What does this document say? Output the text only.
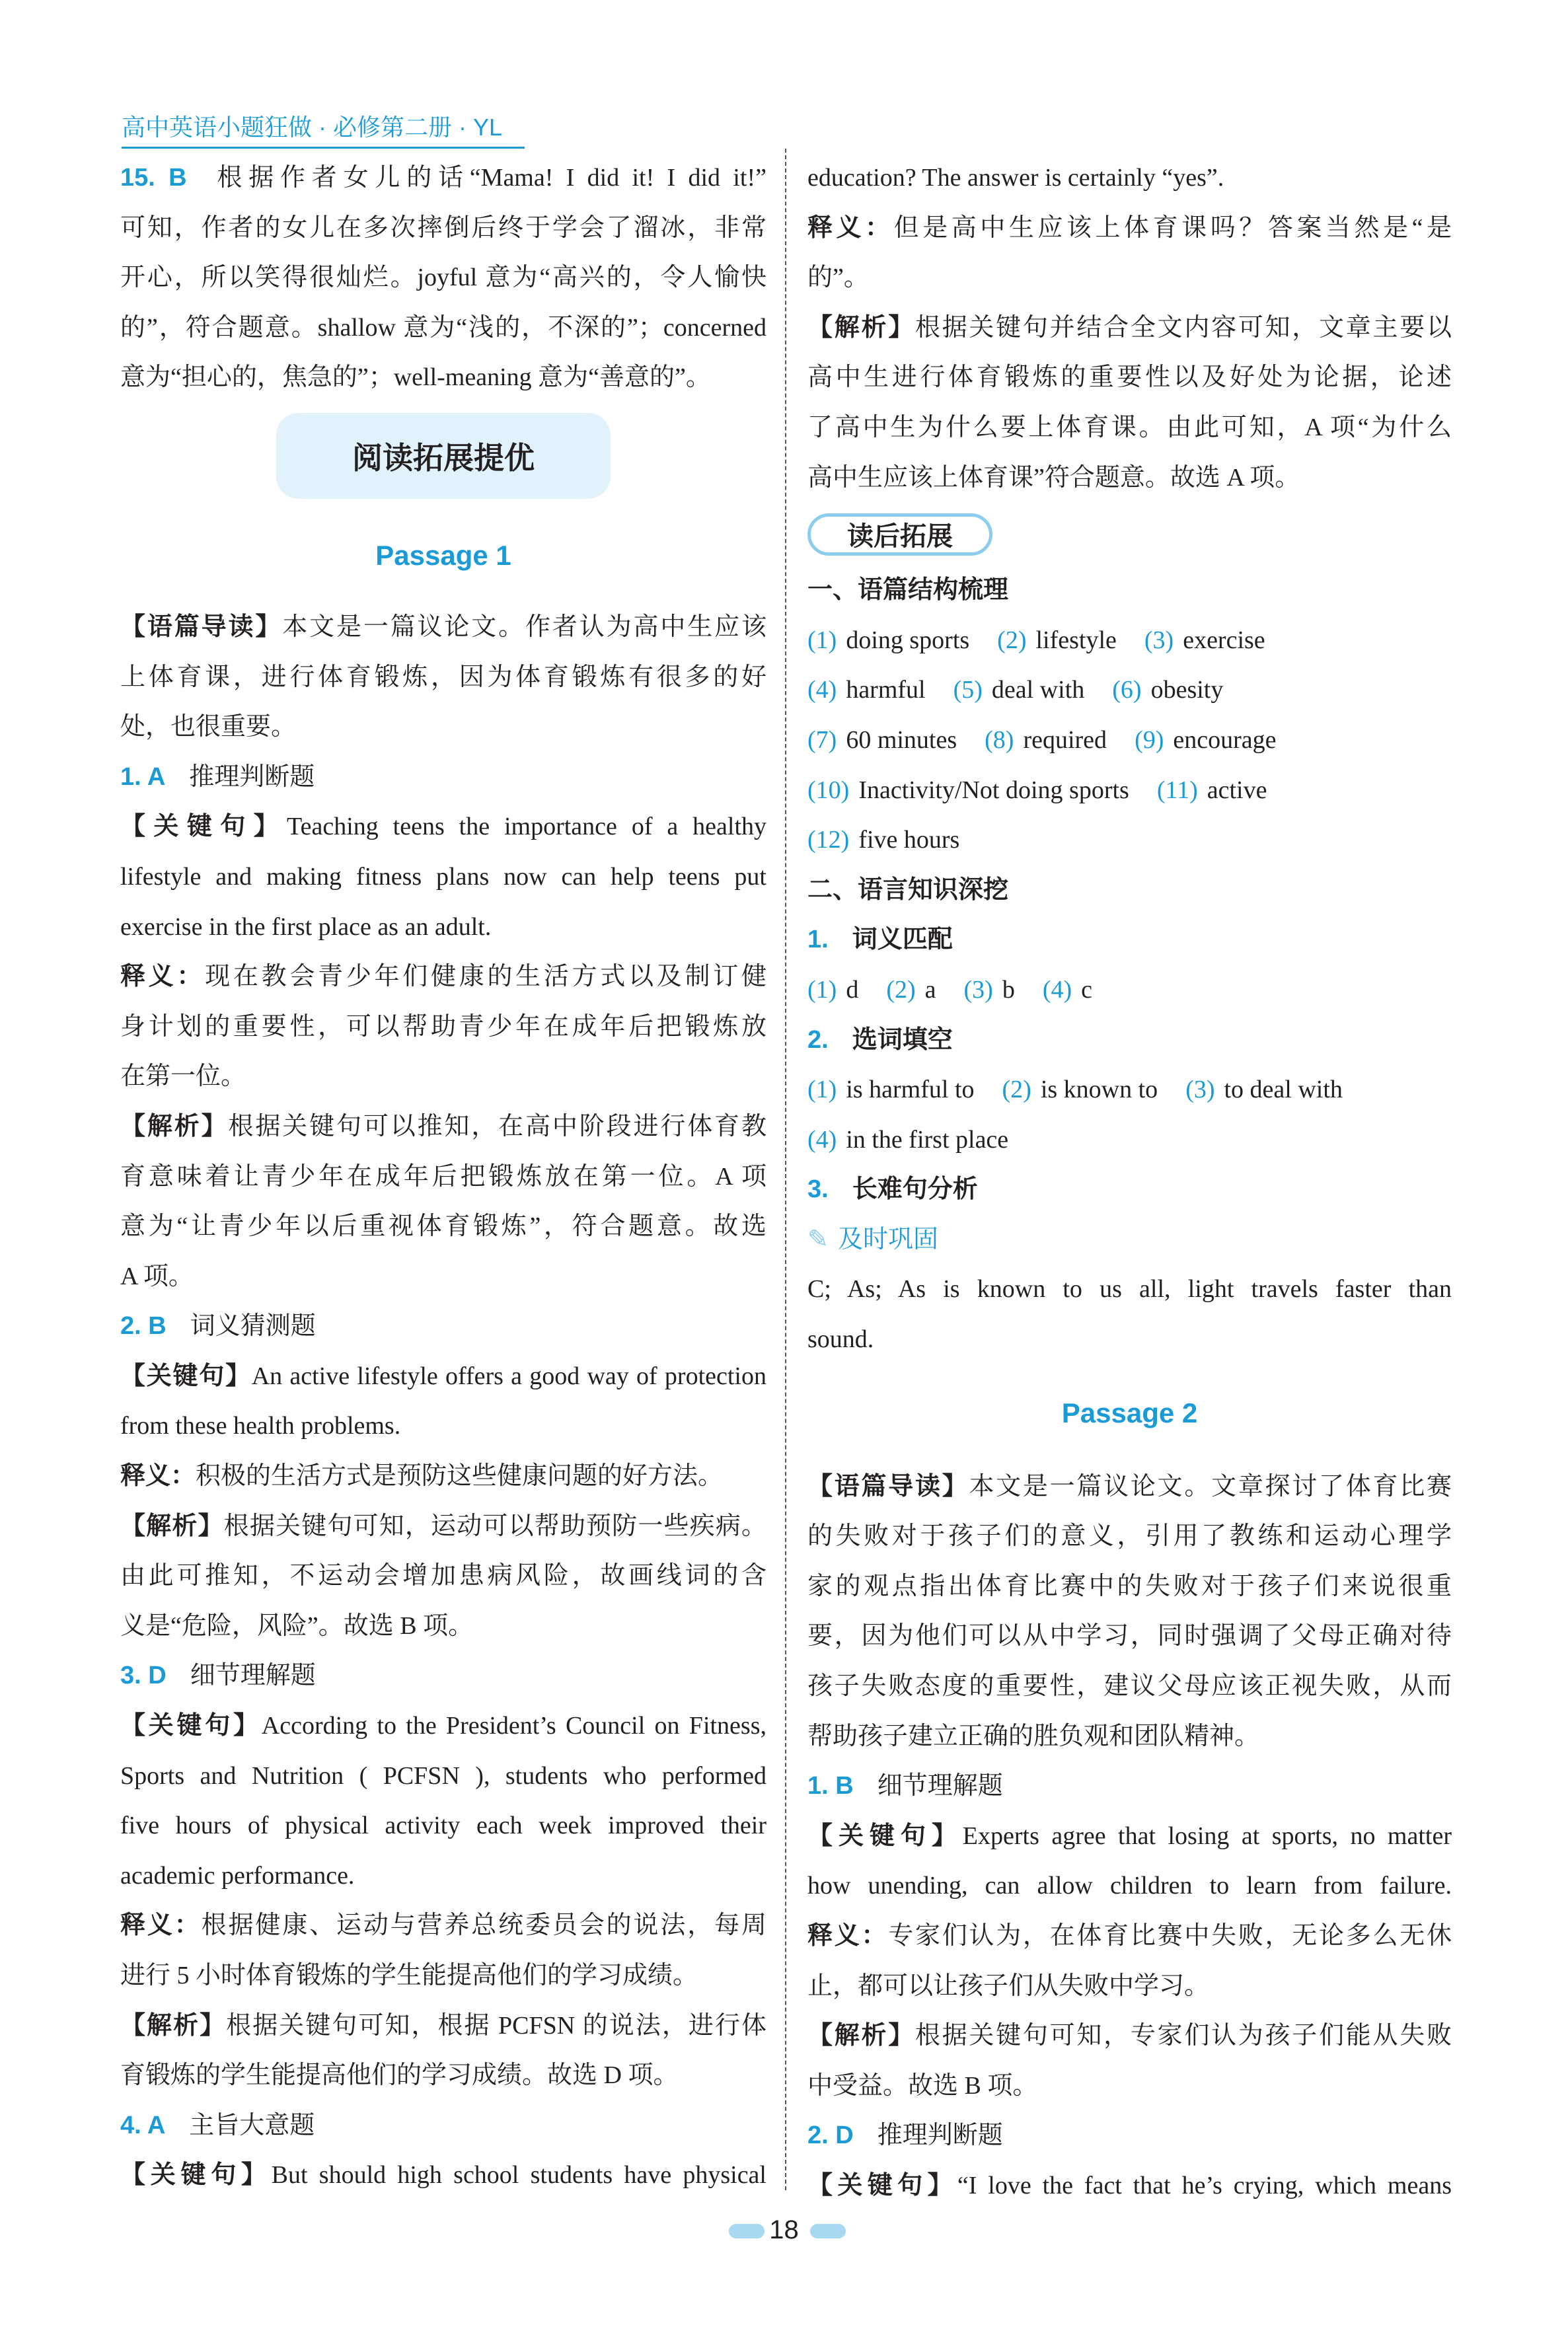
高中英语小题狂做 · 必修第二册 · YL
15. B 根据作者女儿的话“Mama! I did it! I did it!”
可知，作者的女儿在多次摔倒后终于学会了溜冰，非常
开心，所以笑得很灿烂。joyful 意为“高兴的，令人愉快
的”，符合题意。shallow 意为“浅的，不深的”；concerned
意为“担心的，焦急的”；well-meaning 意为“善意的”。
阅读拓展提优
Passage 1
【语篇导读】本文是一篇议论文。作者认为高中生应该
上体育课，进行体育锻炼，因为体育锻炼有很多的好
处，也很重要。
1. A 推理判断题
【关键句】Teaching teens the importance of a healthy
lifestyle and making fitness plans now can help teens put
exercise in the first place as an adult.
释义：现在教会青少年们健康的生活方式以及制订健
身计划的重要性，可以帮助青少年在成年后把锻炼放
在第一位。
【解析】根据关键句可以推知，在高中阶段进行体育教
育意味着让青少年在成年后把锻炼放在第一位。A 项
意为“让青少年以后重视体育锻炼”，符合题意。故选
A 项。
2. B 词义猜测题
【关键句】An active lifestyle offers a good way of protection
from these health problems.
释义：积极的生活方式是预防这些健康问题的好方法。
【解析】根据关键句可知，运动可以帮助预防一些疾病。
由此可推知，不运动会增加患病风险，故画线词的含
义是“危险，风险”。故选 B 项。
3. D 细节理解题
【关键句】According to the President’s Council on Fitness,
Sports and Nutrition ( PCFSN ), students who performed
five hours of physical activity each week improved their
academic performance.
释义：根据健康、运动与营养总统委员会的说法，每周
进行 5 小时体育锻炼的学生能提高他们的学习成绩。
【解析】根据关键句可知，根据 PCFSN 的说法，进行体
育锻炼的学生能提高他们的学习成绩。故选 D 项。
4. A 主旨大意题
【关键句】But should high school students have physical
education? The answer is certainly “yes”.
释义：但是高中生应该上体育课吗？答案当然是“是
的”。
【解析】根据关键句并结合全文内容可知，文章主要以
高中生进行体育锻炼的重要性以及好处为论据，论述
了高中生为什么要上体育课。由此可知，A 项“为什么
高中生应该上体育课”符合题意。故选 A 项。
读后拓展
一、语篇结构梳理
(1) doing sports (2) lifestyle (3) exercise
(4) harmful (5) deal with (6) obesity
(7) 60 minutes (8) required (9) encourage
(10) Inactivity/Not doing sports (11) active
(12) five hours
二、语言知识深挖
1. 词义匹配
(1) d (2) a (3) b (4) c
2. 选词填空
(1) is harmful to (2) is known to (3) to deal with
(4) in the first place
3. 长难句分析
✎ 及时巩固
C; As; As is known to us all, light travels faster than
sound.
Passage 2
【语篇导读】本文是一篇议论文。文章探讨了体育比赛
的失败对于孩子们的意义，引用了教练和运动心理学
家的观点指出体育比赛中的失败对于孩子们来说很重
要，因为他们可以从中学习，同时强调了父母正确对待
孩子失败态度的重要性，建议父母应该正视失败，从而
帮助孩子建立正确的胜负观和团队精神。
1. B 细节理解题
【关键句】Experts agree that losing at sports, no matter
how unending, can allow children to learn from failure.
释义：专家们认为，在体育比赛中失败，无论多么无休
止，都可以让孩子们从失败中学习。
【解析】根据关键句可知，专家们认为孩子们能从失败
中受益。故选 B 项。
2. D 推理判断题
【关键句】“I love the fact that he’s crying, which means
18
